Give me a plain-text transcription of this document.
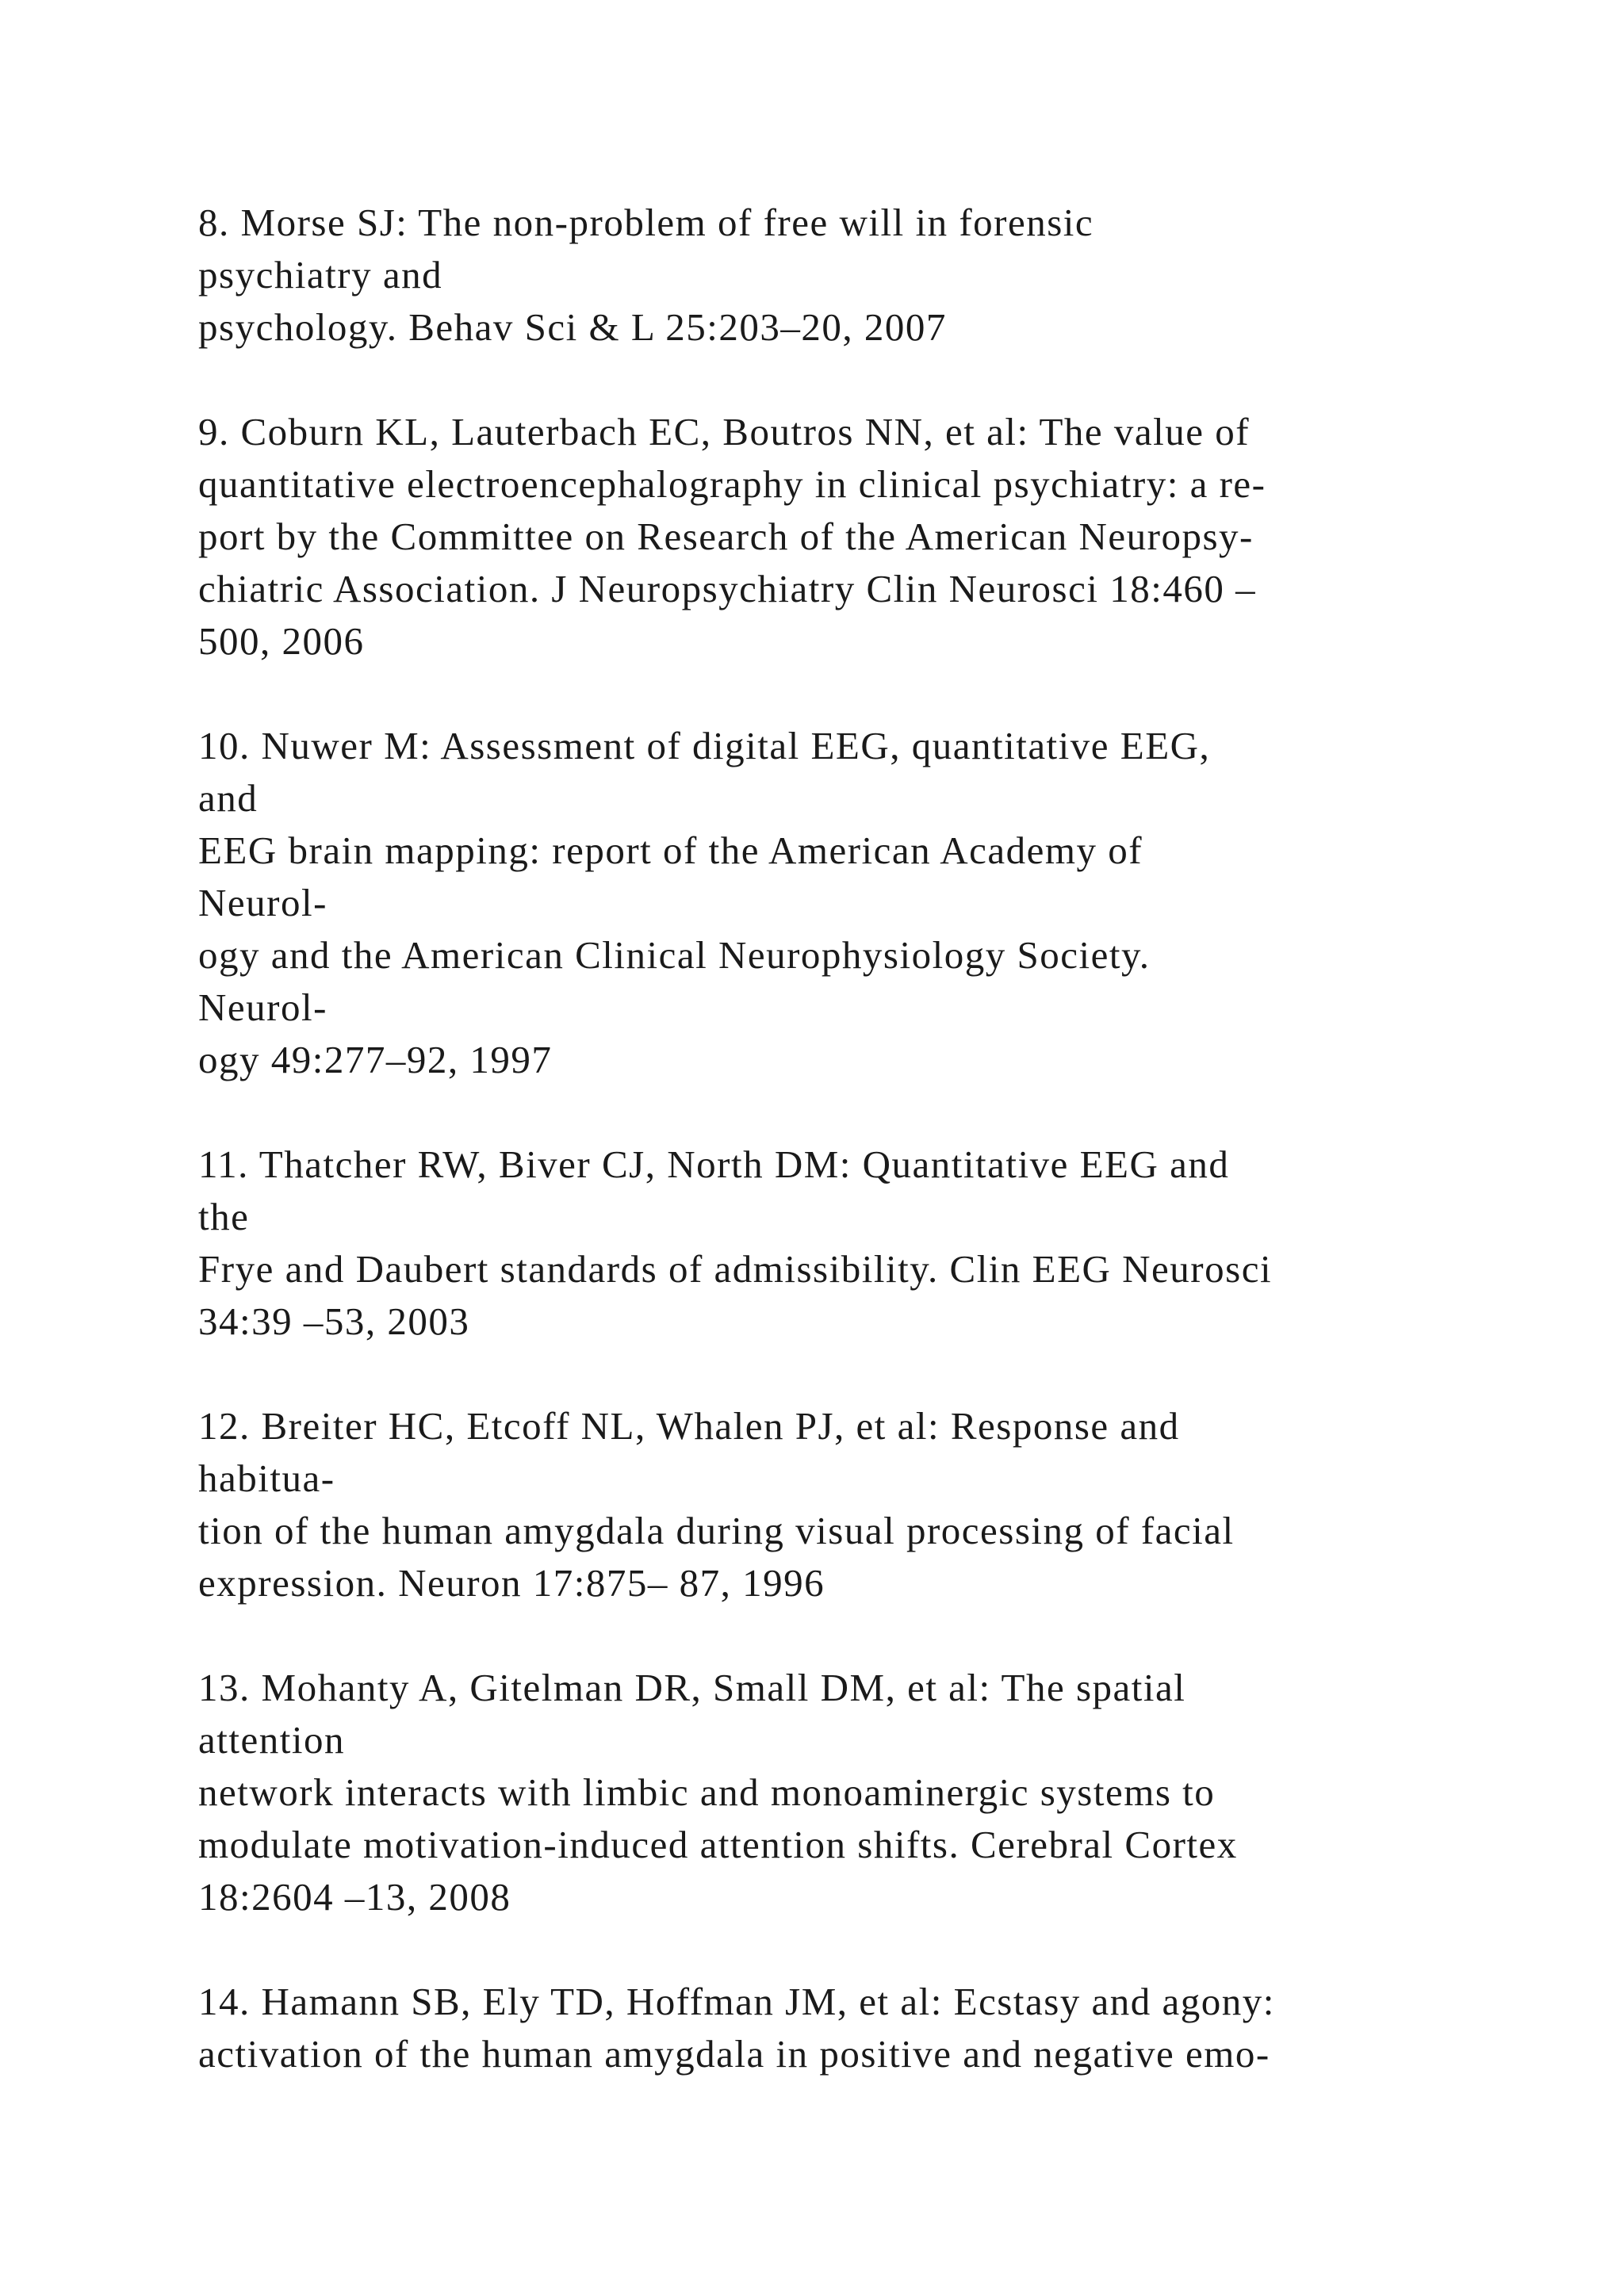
8. Morse SJ: The non-problem of free will in forensic
psychiatry and
psychology. Behav Sci & L 25:203–20, 2007
9. Coburn KL, Lauterbach EC, Boutros NN, et al: The value of
quantitative electroencephalography in clinical psychiatry: a re-
port by the Committee on Research of the American Neuropsy-
chiatric Association. J Neuropsychiatry Clin Neurosci 18:460 –
500, 2006
10. Nuwer M: Assessment of digital EEG, quantitative EEG,
and
EEG brain mapping: report of the American Academy of
Neurol-
ogy and the American Clinical Neurophysiology Society.
Neurol-
ogy 49:277–92, 1997
11. Thatcher RW, Biver CJ, North DM: Quantitative EEG and
the
Frye and Daubert standards of admissibility. Clin EEG Neurosci
34:39 –53, 2003
12. Breiter HC, Etcoff NL, Whalen PJ, et al: Response and
habitua-
tion of the human amygdala during visual processing of facial
expression. Neuron 17:875– 87, 1996
13. Mohanty A, Gitelman DR, Small DM, et al: The spatial
attention
network interacts with limbic and monoaminergic systems to
modulate motivation-induced attention shifts. Cerebral Cortex
18:2604 –13, 2008
14. Hamann SB, Ely TD, Hoffman JM, et al: Ecstasy and agony:
activation of the human amygdala in positive and negative emo-
